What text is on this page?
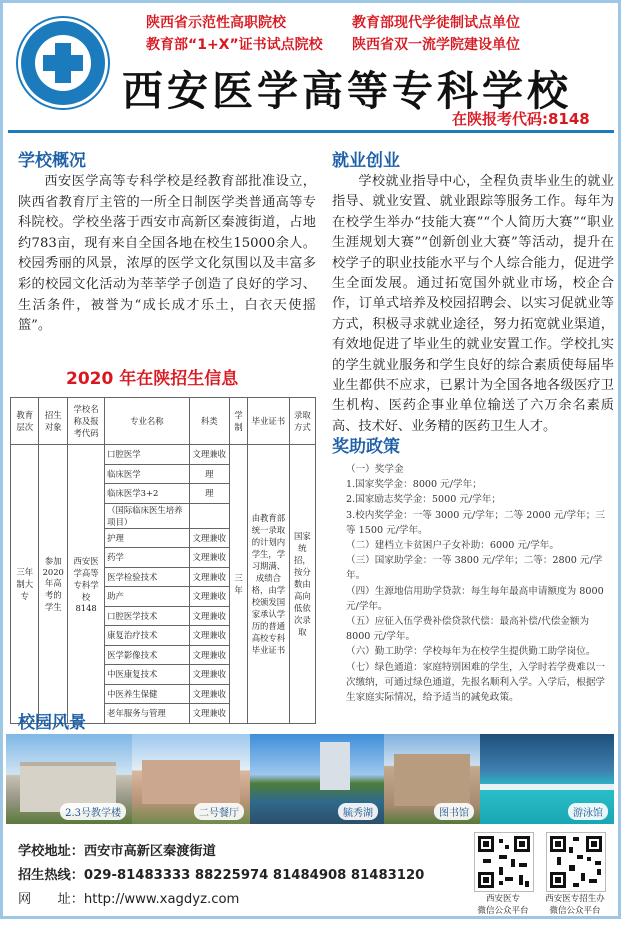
陕西省示范性高职院校	教育部现代学徒制试点单位
教育部“1+X”证书试点院校 陕西省双一流学院建设单位
西安医学高等专科学校
在陕报考代码:8148
学校概况

西安医学高等专科学校是经教育部批准设立，陕西省教育厅主管的一所全日制医学类普通高等专科院校。学校坐落于西安市高新区秦渡街道，占地约783亩，现有来自全国各地在校生15000余人。校园秀丽的风景，浓厚的医学文化氛围以及丰富多彩的校园文化活动为莘莘学子创造了良好的学习、生活条件，被誉为“成长成才乐土，白衣天使摇篮”。

就业创业

学校就业指导中心，全程负责毕业生的就业指导、就业安置、就业跟踪等服务工作。每年为在校学生举办“技能大赛”“个人简历大赛”“职业生涯规划大赛”“创新创业大赛”等活动，提升在校学子的职业技能水平与个人综合能力，促进学生全面发展。通过拓宽国外就业市场，校企合作，订单式培养及校园招聘会、以实习促就业等方式，积极寻求就业途径，努力拓宽就业渠道，有效地促进了毕业生的就业安置工作。学校扎实的学生就业服务和学生良好的综合素质使每届毕业生都供不应求，已累计为全国各地各级医疗卫生机构、医药企事业单位输送了六万余名素质高、技术好、业务精的医药卫生人才。

2020 年在陕招生信息
教育层次	招生对象	学校名称及报考代码	专业名称	科类	学制	毕业证书	录取方式
三年制大专	参加2020年高考的学生	西安医学高等专科学校 8148	口腔医学	文理兼收	三年	由教育部统一录取的计划内学生，学习期满、成绩合格，由学校颁发国家承认学历的普通高校专科毕业证书	国家统招，按分数由高向低依次录取
			临床医学	理			
			临床医学3+2	理			
			（国际临床医生培养项目）				
			护理	文理兼收			
			药学	文理兼收			
			医学检验技术	文理兼收			
			助产	文理兼收			
			口腔医学技术	文理兼收			
			康复治疗技术	文理兼收			
			医学影像技术	文理兼收			
			中医康复技术	文理兼收			
			中医养生保健	文理兼收			
			老年服务与管理	文理兼收			
奖助政策
（一）奖学金
1.国家奖学金：8000 元/学年；
2.国家励志奖学金：5000 元/学年；
3.校内奖学金：一等 3000 元/学年；二等 2000 元/学年；三等 1500 元/学年。
（二）建档立卡贫困户子女补助：6000 元/学年。
（三）国家助学金：一等 3800 元/学年；二等：2800 元/学年。
（四）生源地信用助学贷款：每生每年最高申请额度为 8000 元/学年。
（五）应征入伍学费补偿贷款代偿：最高补偿/代偿金额为 8000 元/学年。
（六）勤工助学：学校每年为在校学生提供勤工助学岗位。
（七）绿色通道：家庭特别困难的学生，入学时若学费难以一次缴纳，可通过绿色通道，先报名顺利入学。入学后，根据学生家庭实际情况，给予适当的减免政策。
校园风景
2.3号教学楼	二号餐厅	毓秀湖	图书馆	游泳馆
学校地址：西安市高新区秦渡街道
招生热线：029-81483333 88225974 81484908 81483120
网　　址：http://www.xagdyz.com	西安医专
微信公众平台
西安医专招生办
微信公众平台
